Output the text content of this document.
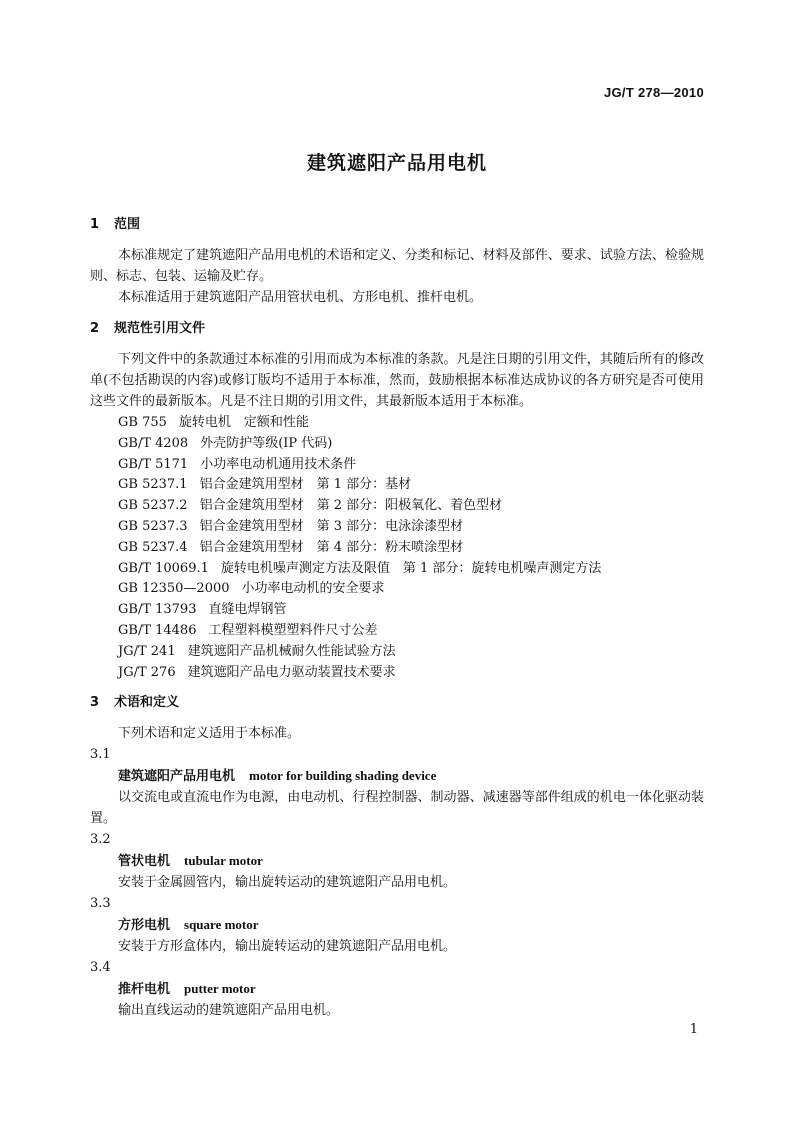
JG/T 278—2010
建筑遮阳产品用电机
1 范围

本标准规定了建筑遮阳产品用电机的术语和定义、分类和标记、材料及部件、要求、试验方法、检验规则、标志、包装、运输及贮存。

本标准适用于建筑遮阳产品用管状电机、方形电机、推杆电机。

2 规范性引用文件

下列文件中的条款通过本标准的引用而成为本标准的条款。凡是注日期的引用文件，其随后所有的修改单(不包括勘误的内容)或修订版均不适用于本标准，然而，鼓励根据本标准达成协议的各方研究是否可使用这些文件的最新版本。凡是不注日期的引用文件，其最新版本适用于本标准。

GB 755 旋转电机　定额和性能
GB/T 4208 外壳防护等级(IP 代码)
GB/T 5171 小功率电动机通用技术条件
GB 5237.1 铝合金建筑用型材　第 1 部分：基材
GB 5237.2 铝合金建筑用型材　第 2 部分：阳极氧化、着色型材
GB 5237.3 铝合金建筑用型材　第 3 部分：电泳涂漆型材
GB 5237.4 铝合金建筑用型材　第 4 部分：粉末喷涂型材
GB/T 10069.1 旋转电机噪声测定方法及限值　第 1 部分：旋转电机噪声测定方法
GB 12350—2000 小功率电动机的安全要求
GB/T 13793 直缝电焊钢管
GB/T 14486 工程塑料模塑塑料件尺寸公差
JG/T 241 建筑遮阳产品机械耐久性能试验方法
JG/T 276 建筑遮阳产品电力驱动装置技术要求
3 术语和定义

下列术语和定义适用于本标准。

3.1

建筑遮阳产品用电机 motor for building shading device

以交流电或直流电作为电源，由电动机、行程控制器、制动器、减速器等部件组成的机电一体化驱动装置。

3.2

管状电机 tubular motor

安装于金属圆管内，输出旋转运动的建筑遮阳产品用电机。

3.3

方形电机 square motor

安装于方形盒体内，输出旋转运动的建筑遮阳产品用电机。

3.4

推杆电机 putter motor

输出直线运动的建筑遮阳产品用电机。

1
